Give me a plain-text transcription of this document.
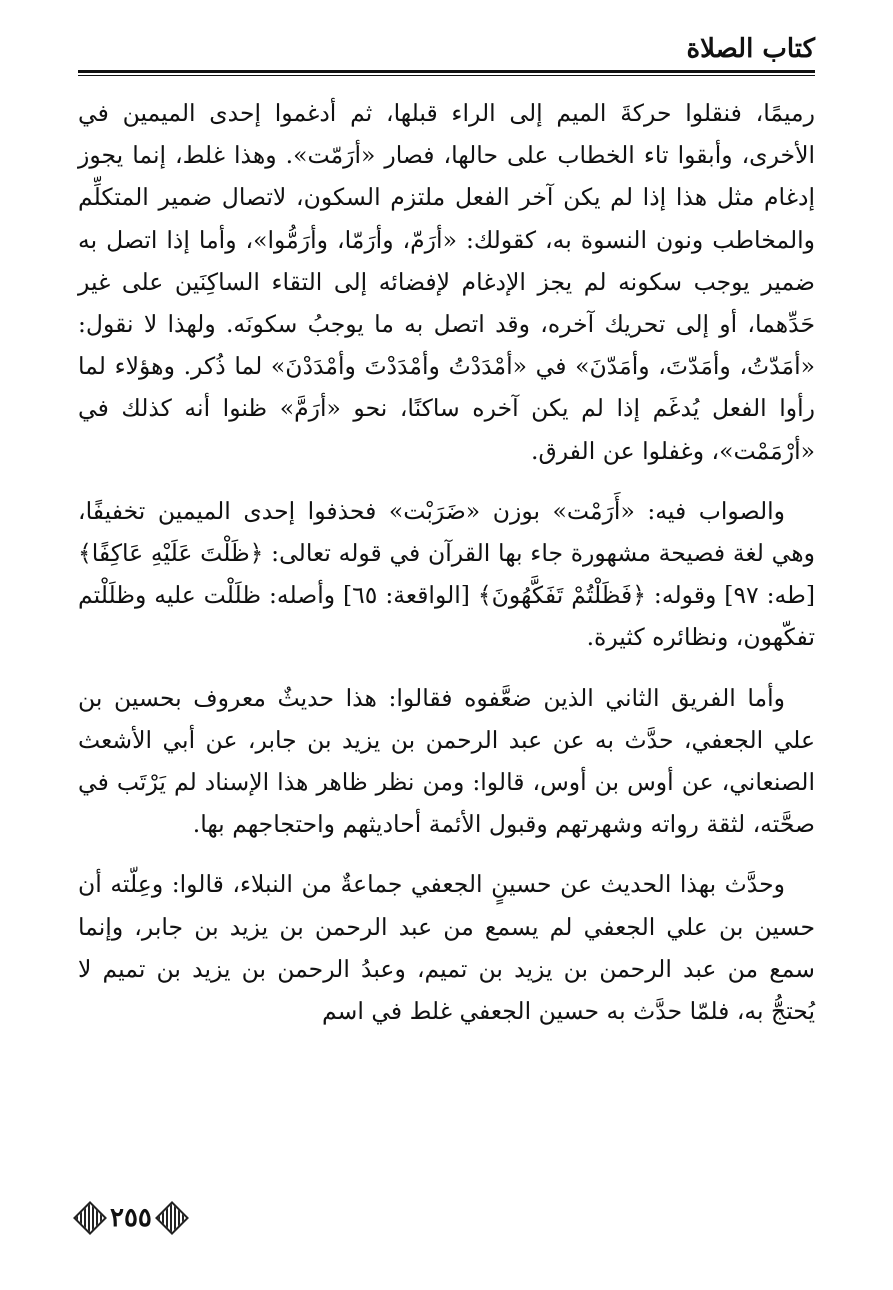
كتاب الصلاة

رميمًا، فنقلوا حركةَ الميم إلى الراء قبلها، ثم أدغموا إحدى الميمين في الأخرى، وأبقوا تاء الخطاب على حالها، فصار «أرَمّت». وهذا غلط، إنما يجوز إدغام مثل هذا إذا لم يكن آخر الفعل ملتزم السكون، لاتصال ضمير المتكلِّم والمخاطب ونون النسوة به، كقولك: «أرَمّ، وأرَمّا، وأرَمُّوا»، وأما إذا اتصل به ضمير يوجب سكونه لم يجز الإدغام لإفضائه إلى التقاء الساكِنَين على غير حَدِّهما، أو إلى تحريك آخره، وقد اتصل به ما يوجبُ سكونَه. ولهذا لا نقول: «أمَدّتُ، وأمَدّتَ، وأمَدّنَ» في «أمْدَدْتُ وأمْدَدْتَ وأمْدَدْنَ» لما ذُكر. وهؤلاء لما رأوا الفعل يُدغَم إذا لم يكن آخره ساكنًا، نحو «أرَمَّ» ظنوا أنه كذلك في «أرْمَمْت»، وغفلوا عن الفرق.

والصواب فيه: «أَرَمْت» بوزن «ضَرَبْت» فحذفوا إحدى الميمين تخفيفًا، وهي لغة فصيحة مشهورة جاء بها القرآن في قوله تعالى: ﴿ظَلْتَ عَلَيْهِ عَاكِفًا﴾ [طه: ٩٧] وقوله: ﴿فَظَلْتُمْ تَفَكَّهُونَ﴾ [الواقعة: ٦٥] وأصله: ظلَلْت عليه وظلَلْتم تفكّهون، ونظائره كثيرة.

وأما الفريق الثاني الذين ضعَّفوه فقالوا: هذا حديثٌ معروف بحسين بن علي الجعفي، حدَّث به عن عبد الرحمن بن يزيد بن جابر، عن أبي الأشعث الصنعاني، عن أوس بن أوس، قالوا: ومن نظر ظاهر هذا الإسناد لم يَرْتَب في صحَّته، لثقة رواته وشهرتهم وقبول الأئمة أحاديثهم واحتجاجهم بها.

وحدَّث بهذا الحديث عن حسينٍ الجعفي جماعةٌ من النبلاء، قالوا: وعِلّته أن حسين بن علي الجعفي لم يسمع من عبد الرحمن بن يزيد بن جابر، وإنما سمع من عبد الرحمن بن يزيد بن تميم، وعبدُ الرحمن بن يزيد بن تميم لا يُحتجُّ به، فلمّا حدَّث به حسين الجعفي غلط في اسم

٢٥٥
